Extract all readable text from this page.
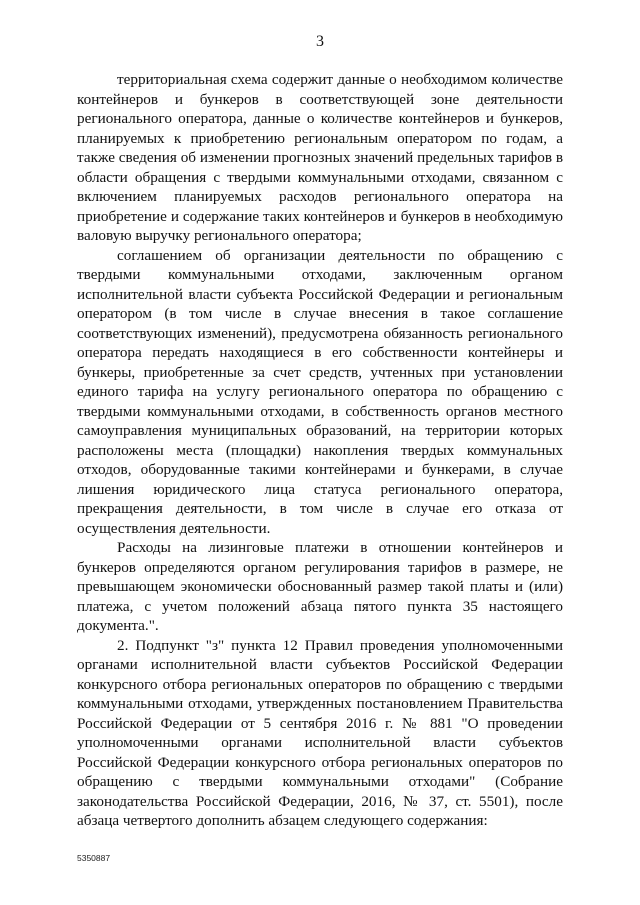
3

территориальная схема содержит данные о необходимом количестве контейнеров и бункеров в соответствующей зоне деятельности регионального оператора, данные о количестве контейнеров и бункеров, планируемых к приобретению региональным оператором по годам, а также сведения об изменении прогнозных значений предельных тарифов в области обращения с твердыми коммунальными отходами, связанном с включением планируемых расходов регионального оператора на приобретение и содержание таких контейнеров и бункеров в необходимую валовую выручку регионального оператора;

соглашением об организации деятельности по обращению с твердыми коммунальными отходами, заключенным органом исполнительной власти субъекта Российской Федерации и региональным оператором (в том числе в случае внесения в такое соглашение соответствующих изменений), предусмотрена обязанность регионального оператора передать находящиеся в его собственности контейнеры и бункеры, приобретенные за счет средств, учтенных при установлении единого тарифа на услугу регионального оператора по обращению с твердыми коммунальными отходами, в собственность органов местного самоуправления муниципальных образований, на территории которых расположены места (площадки) накопления твердых коммунальных отходов, оборудованные такими контейнерами и бункерами, в случае лишения юридического лица статуса регионального оператора, прекращения деятельности, в том числе в случае его отказа от осуществления деятельности.

Расходы на лизинговые платежи в отношении контейнеров и бункеров определяются органом регулирования тарифов в размере, не превышающем экономически обоснованный размер такой платы и (или) платежа, с учетом положений абзаца пятого пункта 35 настоящего документа.".

2. Подпункт "з" пункта 12 Правил проведения уполномоченными органами исполнительной власти субъектов Российской Федерации конкурсного отбора региональных операторов по обращению с твердыми коммунальными отходами, утвержденных постановлением Правительства Российской Федерации от 5 сентября 2016 г. № 881 "О проведении уполномоченными органами исполнительной власти субъектов Российской Федерации конкурсного отбора региональных операторов по обращению с твердыми коммунальными отходами" (Собрание законодательства Российской Федерации, 2016, № 37, ст. 5501), после абзаца четвертого дополнить абзацем следующего содержания:

5350887
